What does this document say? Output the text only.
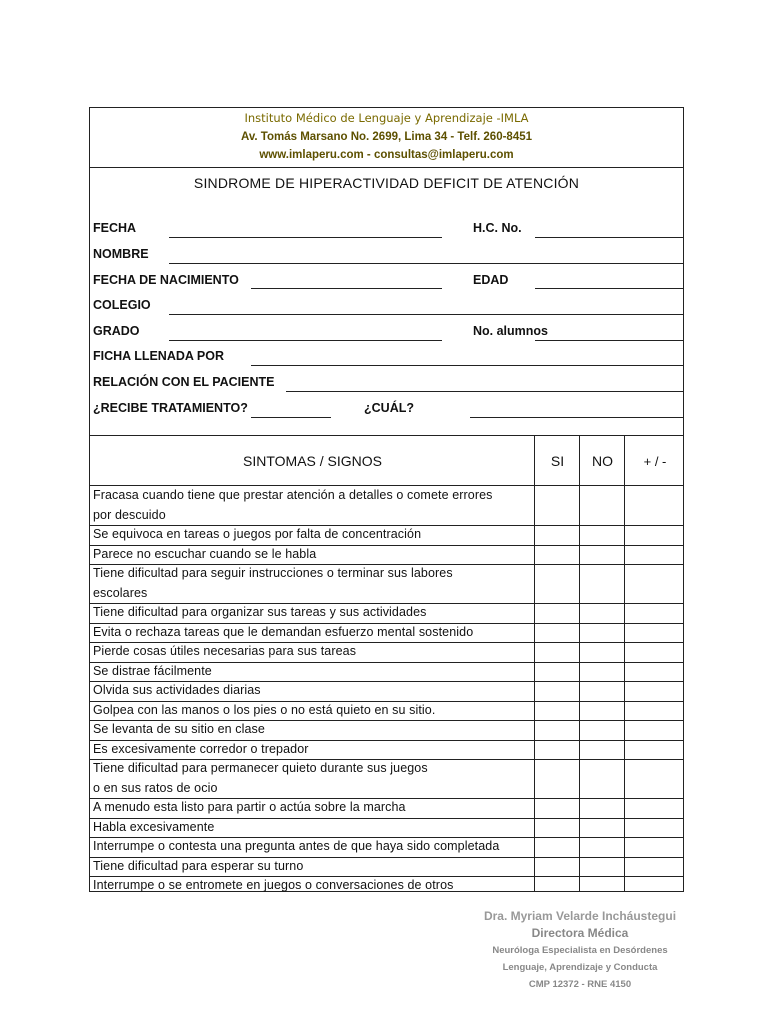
Instituto Médico de Lenguaje y Aprendizaje -IMLA
Av. Tomás Marsano No. 2699, Lima 34 - Telf. 260-8451
www.imlaperu.com - consultas@imlaperu.com
SINDROME DE HIPERACTIVIDAD DEFICIT DE ATENCIÓN
FECHA	H.C. No.
NOMBRE
FECHA DE NACIMIENTO	EDAD
COLEGIO
GRADO	No. alumnos
FICHA LLENADA POR
RELACIÓN CON EL PACIENTE
¿RECIBE TRATAMIENTO?	¿CUÁL?
SINTOMAS / SIGNOS	SI	NO	+ / -
Fracasa cuando tiene que prestar atención a detalles o comete errores
por descuido
Se equivoca en tareas o juegos por falta de concentración
Parece no escuchar cuando se le habla
Tiene dificultad para seguir instrucciones o terminar sus labores
escolares
Tiene dificultad para organizar sus tareas y sus actividades
Evita o rechaza tareas que le demandan esfuerzo mental sostenido
Pierde cosas útiles necesarias para sus tareas
Se distrae fácilmente
Olvida sus actividades diarias
Golpea con las manos o los pies o no está quieto en su sitio.
Se levanta de su sitio en clase
Es excesivamente corredor o trepador
Tiene dificultad para permanecer quieto durante sus juegos
o en sus ratos de ocio
A menudo esta listo para partir o actúa sobre la marcha
Habla excesivamente
Interrumpe o contesta una pregunta antes de que haya sido completada
Tiene dificultad para esperar su turno
Interrumpe o se entromete en juegos o conversaciones de otros
Dra. Myriam Velarde Incháustegui
Directora Médica
Neuróloga Especialista en Desórdenes
Lenguaje, Aprendizaje y Conducta
CMP 12372 - RNE 4150
